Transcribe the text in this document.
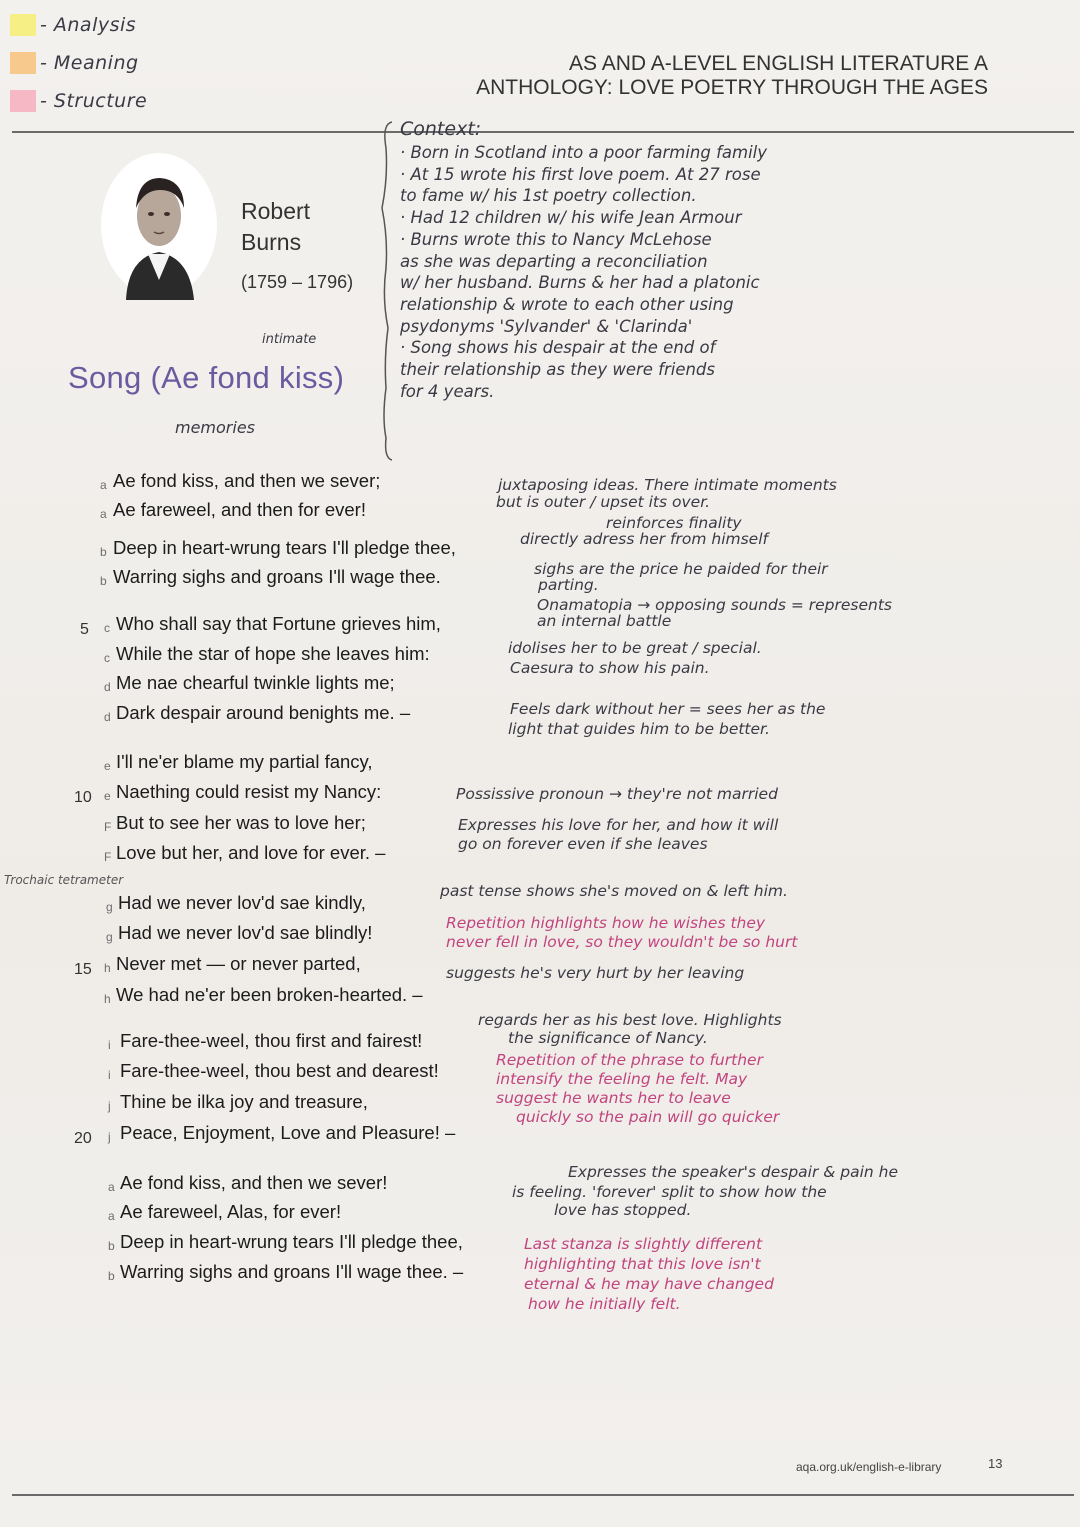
- Analysis
- Meaning
- Structure
AS AND A-LEVEL ENGLISH LITERATURE A
ANTHOLOGY: LOVE POETRY THROUGH THE AGES
Robert
Burns
(1759 – 1796)
intimate
Song (Ae fond kiss)
memories
Context:
· Born in Scotland into a poor farming family
· At 15 wrote his first love poem. At 27 rose
to fame w/ his 1st poetry collection.
· Had 12 children w/ his wife Jean Armour
· Burns wrote this to Nancy McLehose
as she was departing a reconciliation
w/ her husband. Burns & her had a platonic
relationship & wrote to each other using
psydonyms 'Sylvander' & 'Clarinda'
· Song shows his despair at the end of
their relationship as they were friends
for 4 years.
a Ae fond kiss, and then we sever;
a Ae fareweel, and then for ever!
b Deep in heart-wrung tears I'll pledge thee,
b Warring sighs and groans I'll wage thee.
5 c Who shall say that Fortune grieves him,
c While the star of hope she leaves him:
d Me nae chearful twinkle lights me;
d Dark despair around benights me. –
e I'll ne'er blame my partial fancy,
10 e Naething could resist my Nancy:
F But to see her was to love her;
F Love but her, and love for ever. –
Trochaic tetrameter
g Had we never lov'd sae kindly,
g Had we never lov'd sae blindly!
15 h Never met — or never parted,
h We had ne'er been broken-hearted. –
i Fare-thee-weel, thou first and fairest!
i Fare-thee-weel, thou best and dearest!
j Thine be ilka joy and treasure,
20 j Peace, Enjoyment, Love and Pleasure! –
a Ae fond kiss, and then we sever!
a Ae fareweel, Alas, for ever!
b Deep in heart-wrung tears I'll pledge thee,
b Warring sighs and groans I'll wage thee. –
juxtaposing ideas. There intimate moments
but is outer / upset its over.
reinforces finality
directly adress her from himself
sighs are the price he paided for their
parting.
Onamatopia → opposing sounds = represents
an internal battle
idolises her to be great / special.
Caesura to show his pain.
Feels dark without her = sees her as the
light that guides him to be better.
Possissive pronoun → they're not married
Expresses his love for her, and how it will
go on forever even if she leaves
past tense shows she's moved on & left him.
Repetition highlights how he wishes they
never fell in love, so they wouldn't be so hurt
suggests he's very hurt by her leaving
regards her as his best love. Highlights
the significance of Nancy.
Repetition of the phrase to further
intensify the feeling he felt. May
suggest he wants her to leave
quickly so the pain will go quicker
Expresses the speaker's despair & pain he
is feeling. 'forever' split to show how the
love has stopped.
Last stanza is slightly different
highlighting that this love isn't
eternal & he may have changed
how he initially felt.
aqa.org.uk/english-e-library	13
